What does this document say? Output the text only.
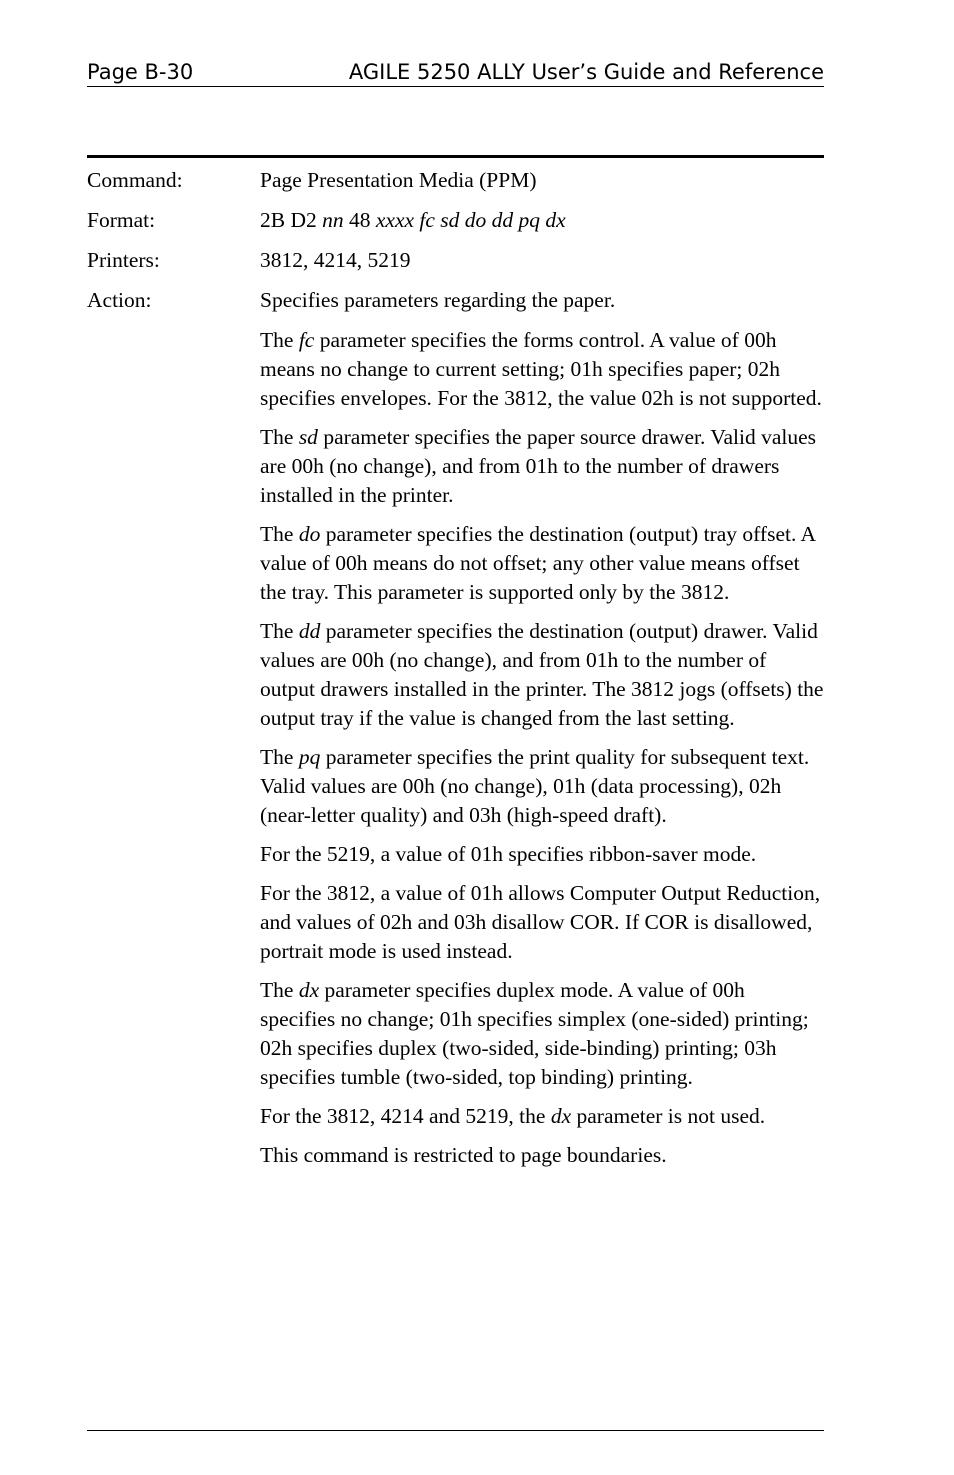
Page B-30	AGILE 5250 ALLY User’s Guide and Reference
Command:	Page Presentation Media (PPM)
Format:	2B D2 nn 48 xxxx fc sd do dd pq dx
Printers:	3812, 4214, 5219
Action:	Specifies parameters regarding the paper.
The fc parameter specifies the forms control. A value of 00h means no change to current setting; 01h specifies paper; 02h specifies envelopes. For the 3812, the value 02h is not supported.
The sd parameter specifies the paper source drawer. Valid values are 00h (no change), and from 01h to the number of drawers installed in the printer.
The do parameter specifies the destination (output) tray offset. A value of 00h means do not offset; any other value means offset the tray. This parameter is supported only by the 3812.
The dd parameter specifies the destination (output) drawer. Valid values are 00h (no change), and from 01h to the number of output drawers installed in the printer. The 3812 jogs (offsets) the output tray if the value is changed from the last setting.
The pq parameter specifies the print quality for subsequent text. Valid values are 00h (no change), 01h (data processing), 02h (near-letter quality) and 03h (high-speed draft).
For the 5219, a value of 01h specifies ribbon-saver mode.
For the 3812, a value of 01h allows Computer Output Reduction, and values of 02h and 03h disallow COR. If COR is disallowed, portrait mode is used instead.
The dx parameter specifies duplex mode. A value of 00h specifies no change; 01h specifies simplex (one-sided) printing; 02h specifies duplex (two-sided, side-binding) printing; 03h specifies tumble (two-sided, top binding) printing.
For the 3812, 4214 and 5219, the dx parameter is not used.
This command is restricted to page boundaries.
